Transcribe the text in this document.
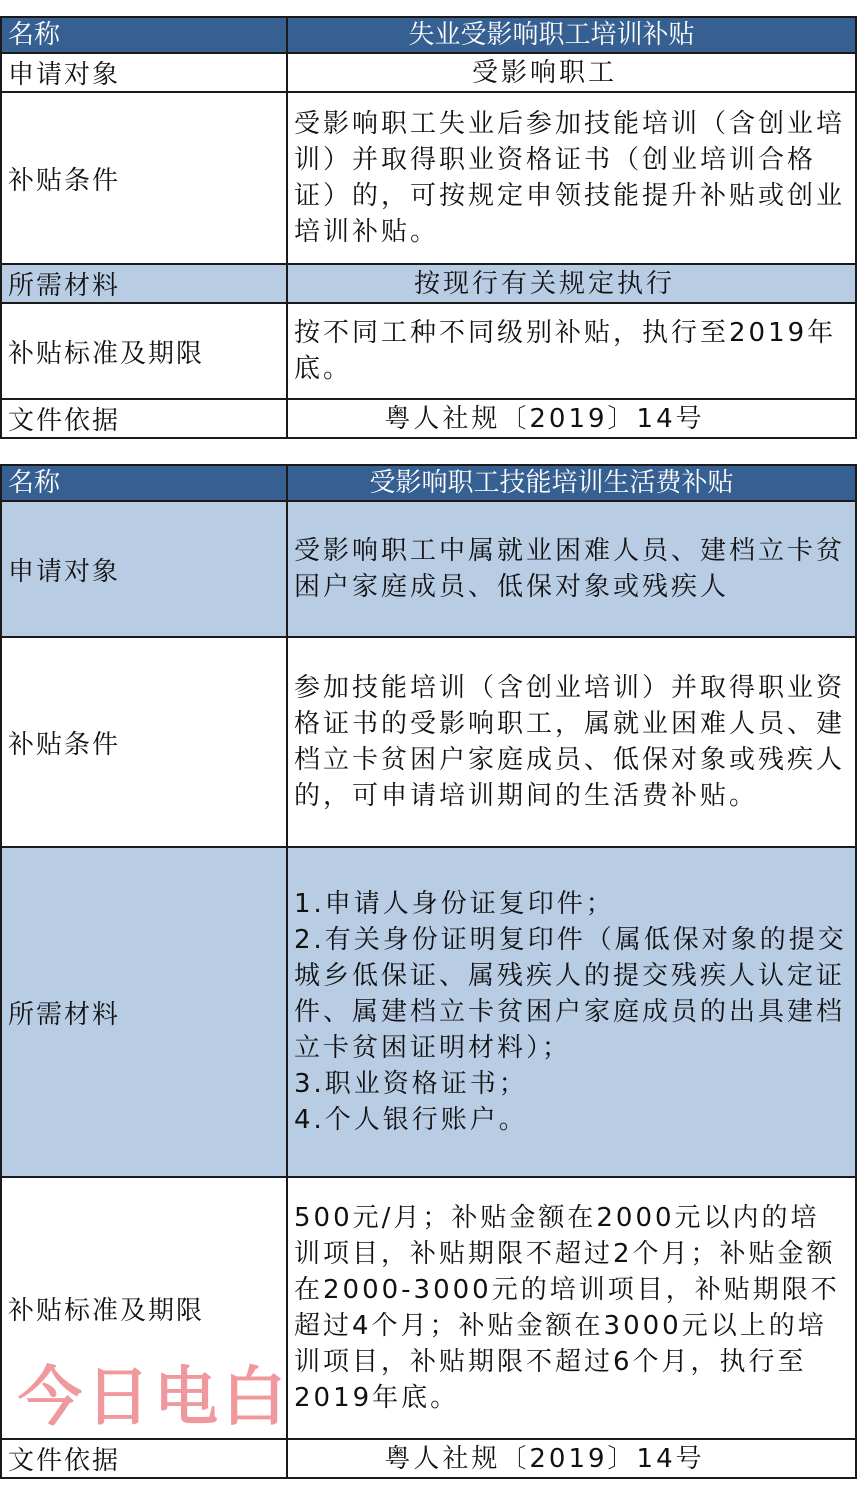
名称	失业受影响职工培训补贴
申请对象	受影响职工
补贴条件	受影响职工失业后参加技能培训（含创业培训）并取得职业资格证书（创业培训合格证）的，可按规定申领技能提升补贴或创业培训补贴。
所需材料	按现行有关规定执行
补贴标准及期限	按不同工种不同级别补贴，执行至2019年底。
文件依据	粤人社规〔2019〕14号
名称	受影响职工技能培训生活费补贴
申请对象	受影响职工中属就业困难人员、建档立卡贫困户家庭成员、低保对象或残疾人
补贴条件	参加技能培训（含创业培训）并取得职业资格证书的受影响职工，属就业困难人员、建档立卡贫困户家庭成员、低保对象或残疾人的，可申请培训期间的生活费补贴。
所需材料	1.申请人身份证复印件；
2.有关身份证明复印件（属低保对象的提交城乡低保证、属残疾人的提交残疾人认定证件、属建档立卡贫困户家庭成员的出具建档立卡贫困证明材料）；
3.职业资格证书；
4.个人银行账户。

补贴标准及期限	500元/月；补贴金额在2000元以内的培训项目，补贴期限不超过2个月；补贴金额在2000-3000元的培训项目，补贴期限不超过4个月；补贴金额在3000元以上的培训项目，补贴期限不超过6个月，执行至2019年底。
文件依据	粤人社规〔2019〕14号
今日电白
